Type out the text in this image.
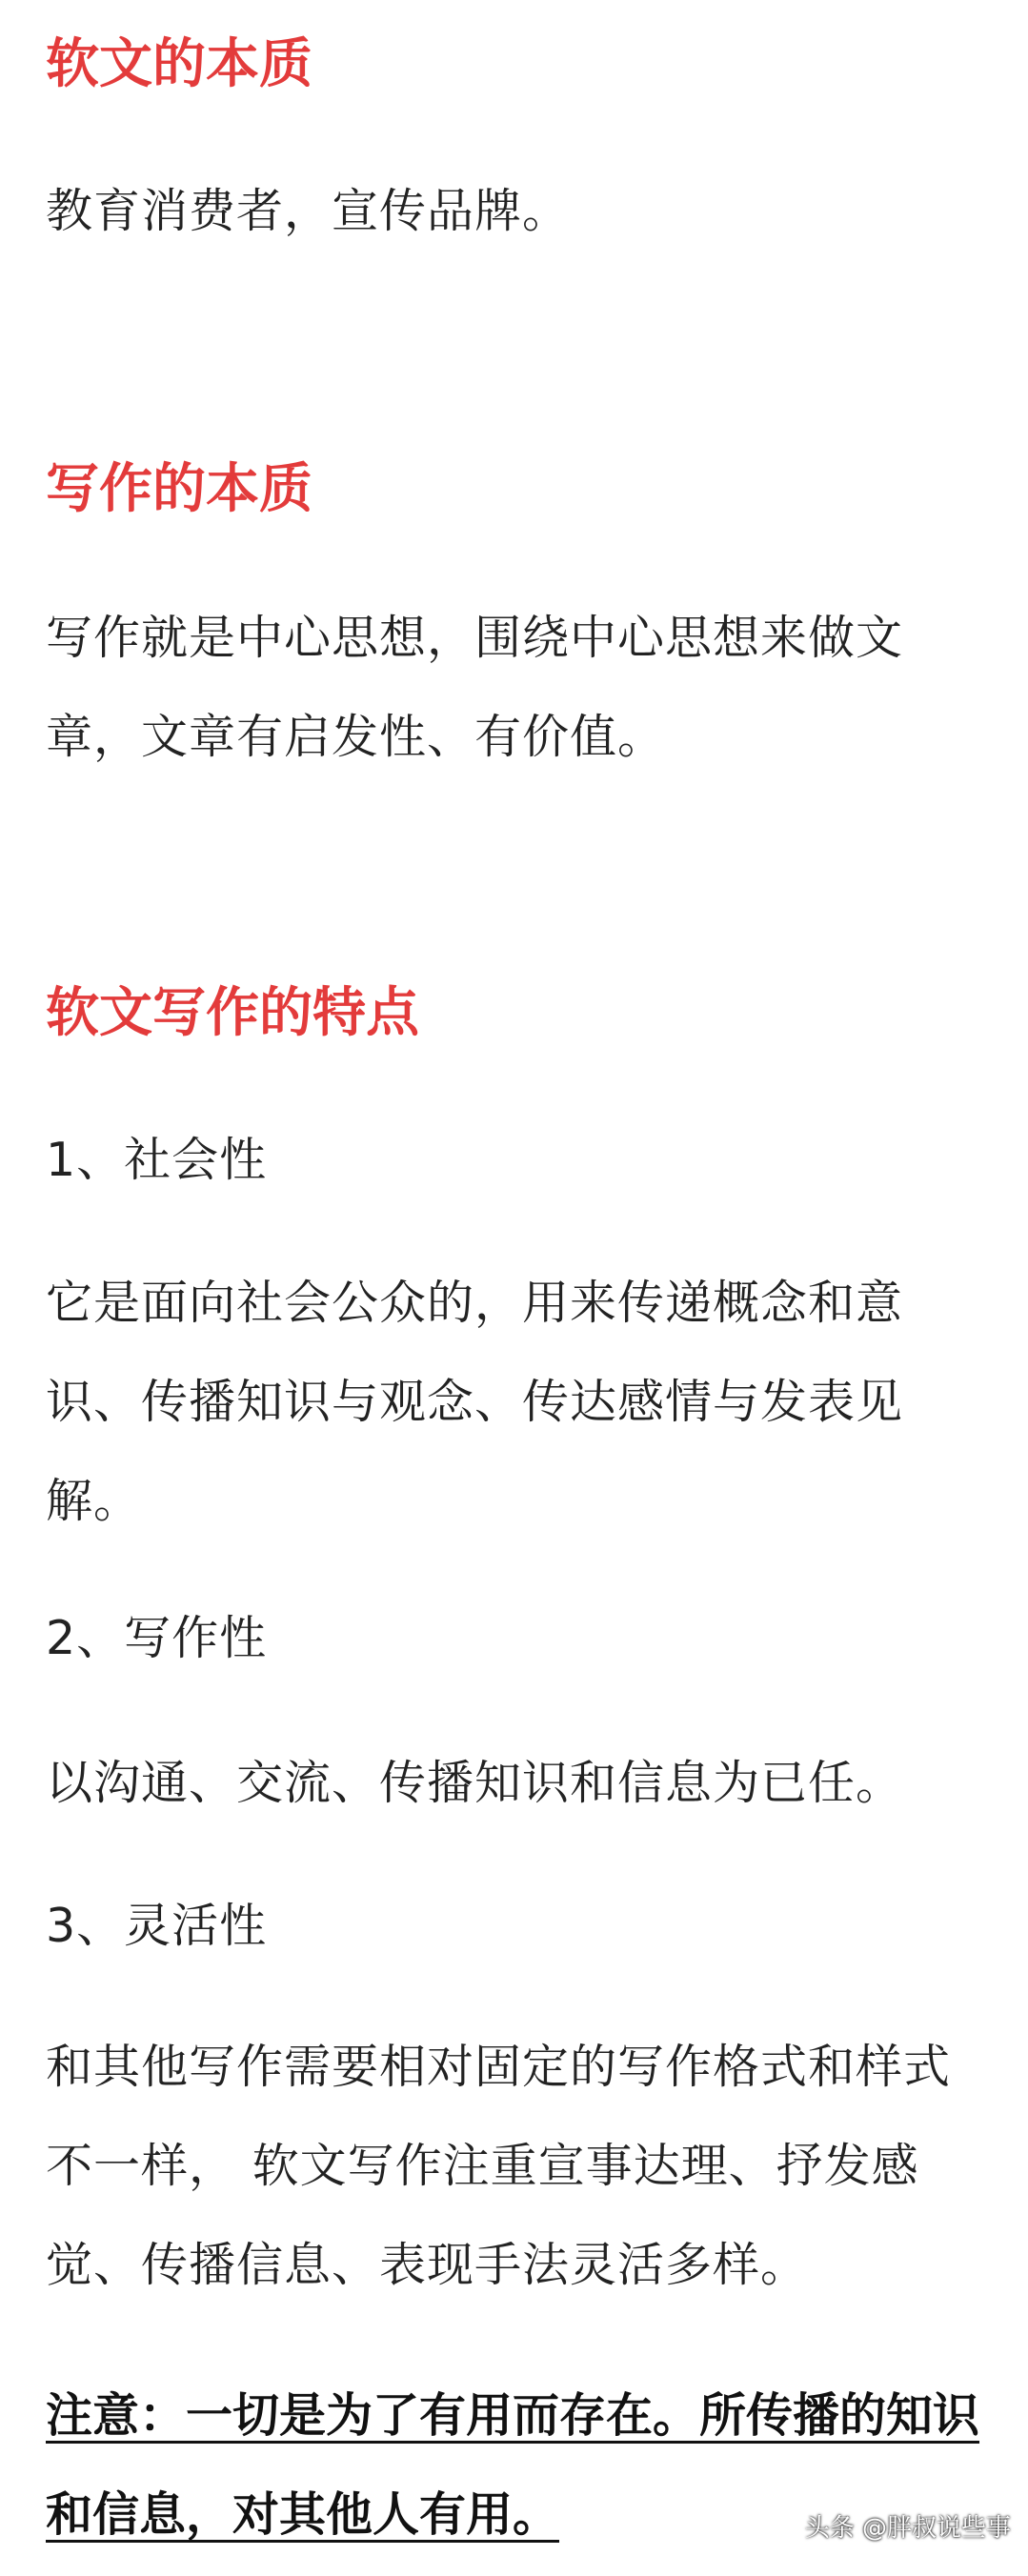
软文的本质

教育消费者，宣传品牌。

写作的本质

写作就是中心思想，围绕中心思想来做文章，文章有启发性、有价值。

软文写作的特点

1、社会性

它是面向社会公众的，用来传递概念和意识、传播知识与观念、传达感情与发表见解。

2、写作性

以沟通、交流、传播知识和信息为已任。

3、灵活性

和其他写作需要相对固定的写作格式和样式不一样， 软文写作注重宣事达理、抒发感觉、传播信息、表现手法灵活多样。

注意：一切是为了有用而存在。所传播的知识和信息，对其他人有用。	头条 @胖叔说些事
